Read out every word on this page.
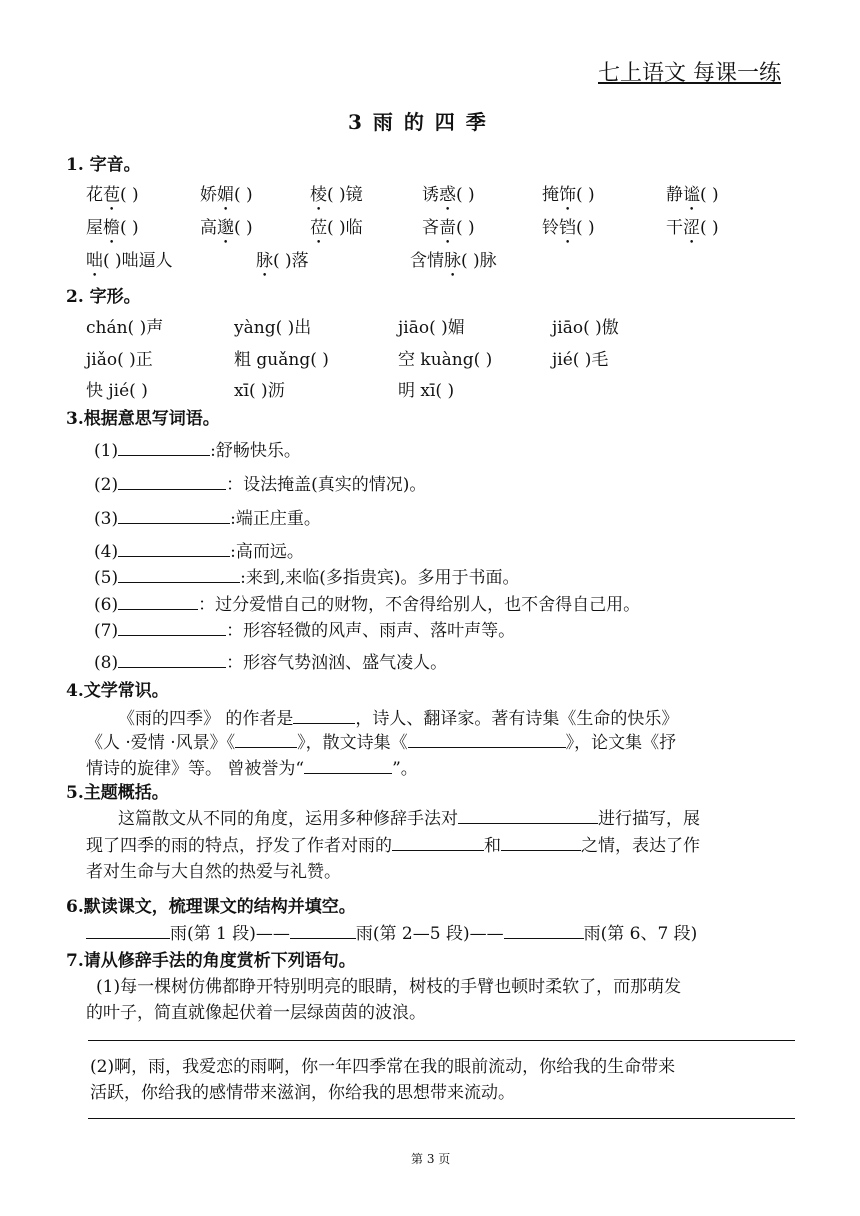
七上语文 每课一练
3 雨 的 四 季
1. 字音。
花苞( )	娇媚( )	棱( )镜	诱惑( )	掩饰( )	静谧( )
屋檐( )	高邈( )	莅( )临	吝啬( )	铃铛( )	干涩( )
咄( )咄逼人	脉( )落	含情脉( )脉
2. 字形。
chán( )声	yàng( )出	jiāo( )媚	jiāo( )傲
jiǎo( )正	粗 guǎng( )	空 kuàng( )	jié( )毛
快 jié( )	xī( )沥	明 xī( )
3.根据意思写词语。
(1)	:舒畅快乐。
(2)	：设法掩盖(真实的情况)。
(3)	:端正庄重。
(4)	:高而远。
(5)	:来到,来临(多指贵宾)。多用于书面。
(6)	：过分爱惜自己的财物，不舍得给别人，也不舍得自己用。
(7)	：形容轻微的风声、雨声、落叶声等。
(8)	：形容气势汹汹、盛气凌人。
4.文学常识。
《雨的四季》 的作者是	，诗人、翻译家。著有诗集《生命的快乐》
《人 ·爱情 ·风景》《	》，散文诗集《	》，论文集《抒
情诗的旋律》等。 曾被誉为“	”。
5.主题概括。
这篇散文从不同的角度，运用多种修辞手法对	进行描写，展
现了四季的雨的特点，抒发了作者对雨的	和	之情，表达了作
者对生命与大自然的热爱与礼赞。
6.默读课文，梳理课文的结构并填空。
雨(第 1 段)——	雨(第 2—5 段)——	雨(第 6、7 段)
7.请从修辞手法的角度赏析下列语句。
(1)每一棵树仿佛都睁开特别明亮的眼睛，树枝的手臂也顿时柔软了，而那萌发
的叶子，简直就像起伏着一层绿茵茵的波浪。
(2)啊，雨，我爱恋的雨啊，你一年四季常在我的眼前流动，你给我的生命带来
活跃，你给我的感情带来滋润，你给我的思想带来流动。
第 3 页
